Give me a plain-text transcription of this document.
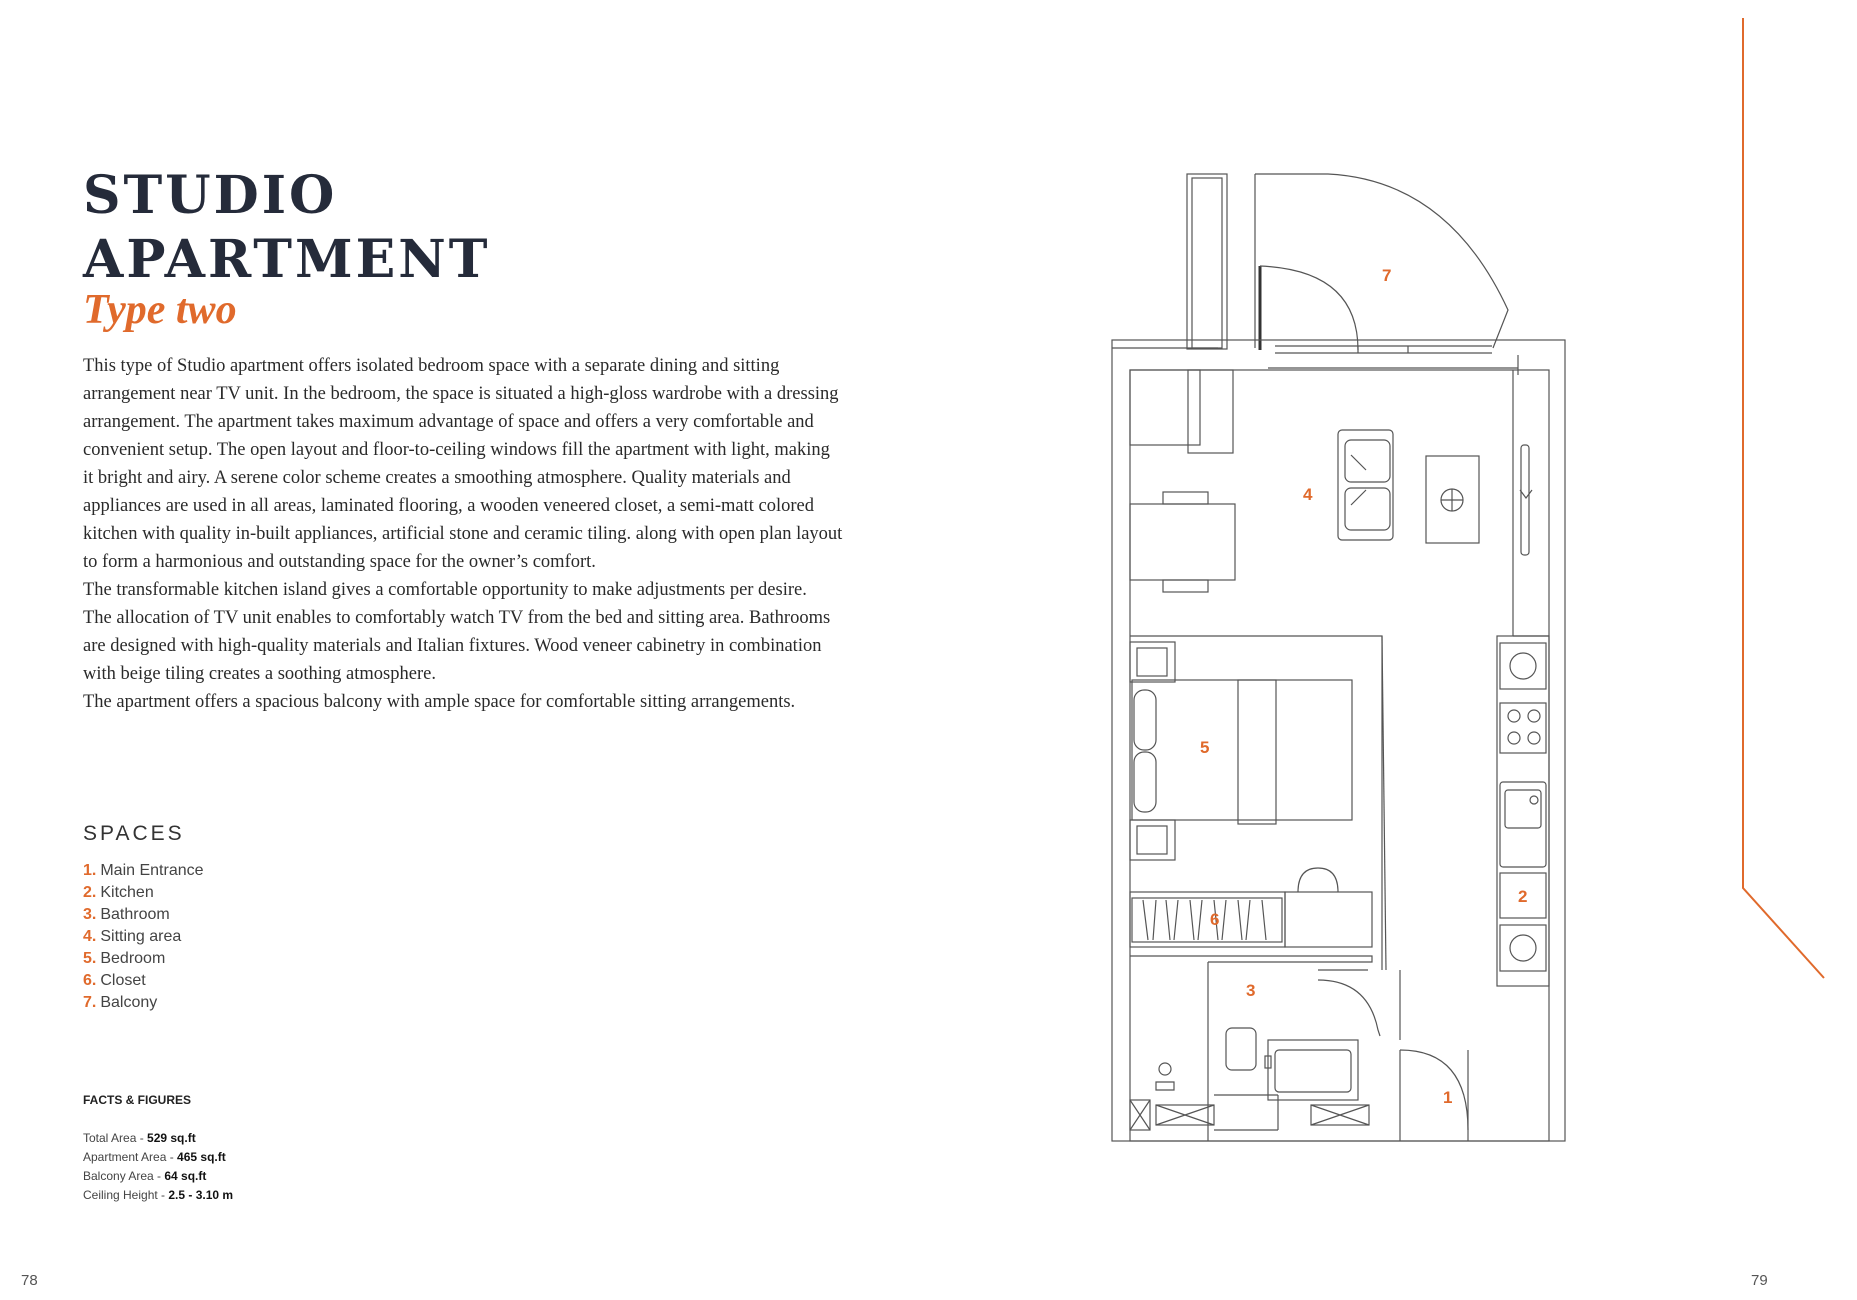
STUDIO
APARTMENT
Type two

This type of Studio apartment offers isolated bedroom space with a separate dining and sitting arrangement near TV unit. In the bedroom, the space is situated a high-gloss wardrobe with a dressing arrangement. The apartment takes maximum advantage of space and offers a very comfortable and convenient setup. The open layout and floor-to-ceiling windows fill the apartment with light, making it bright and airy. A serene color scheme creates a smoothing atmosphere. Quality materials and appliances are used in all areas, laminated flooring, a wooden veneered closet, a semi-matt colored kitchen with quality in-built appliances, artificial stone and ceramic tiling. along with open plan layout to form a harmonious and outstanding space for the owner’s comfort.

The transformable kitchen island gives a comfortable opportunity to make adjustments per desire.

The allocation of TV unit enables to comfortably watch TV from the bed and sitting area. Bathrooms are designed with high-quality materials and Italian fixtures. Wood veneer cabinetry in combination with beige tiling creates a soothing atmosphere.

The apartment offers a spacious balcony with ample space for comfortable sitting arrangements.

SPACES
1. Main Entrance
2. Kitchen
3. Bathroom
4. Sitting area
5. Bedroom
6. Closet
7. Balcony
FACTS & FIGURES
Total Area - 529 sq.ft
Apartment Area - 465 sq.ft
Balcony Area - 64 sq.ft
Ceiling Height - 2.5 - 3.10 m
78	79
1
2
3
4
5
6
7
